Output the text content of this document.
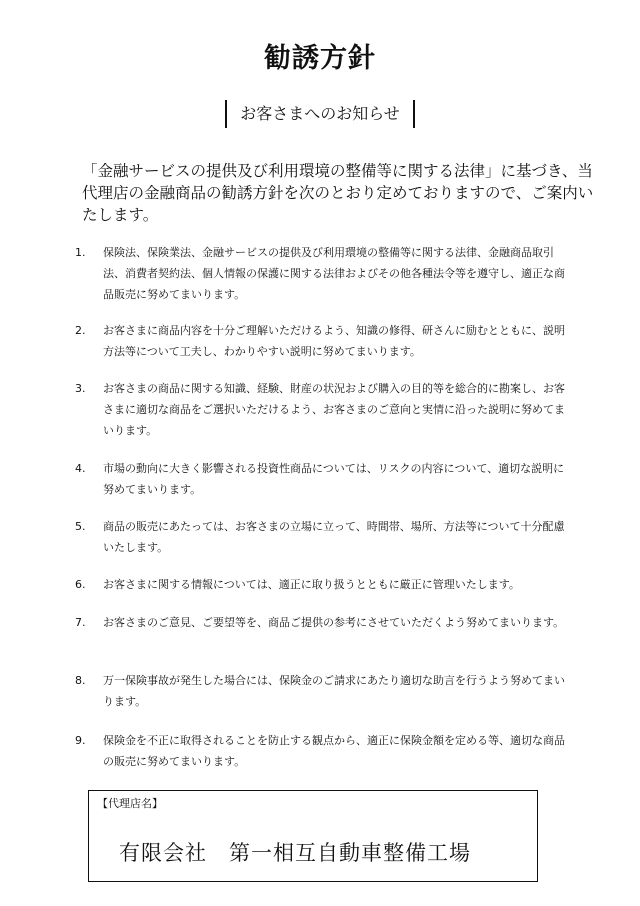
勧誘方針
お客さまへのお知らせ
「金融サービスの提供及び利用環境の整備等に関する法律」に基づき、当代理店の金融商品の勧誘方針を次のとおり定めておりますので、ご案内いたします。
1.	保険法、保険業法、金融サービスの提供及び利用環境の整備等に関する法律、金融商品取引法、消費者契約法、個人情報の保護に関する法律およびその他各種法令等を遵守し、適正な商品販売に努めてまいります。
2.	お客さまに商品内容を十分ご理解いただけるよう、知識の修得、研さんに励むとともに、説明方法等について工夫し、わかりやすい説明に努めてまいります。
3.	お客さまの商品に関する知識、経験、財産の状況および購入の目的等を総合的に勘案し、お客さまに適切な商品をご選択いただけるよう、お客さまのご意向と実情に沿った説明に努めてまいります。
4.	市場の動向に大きく影響される投資性商品については、リスクの内容について、適切な説明に努めてまいります。
5.	商品の販売にあたっては、お客さまの立場に立って、時間帯、場所、方法等について十分配慮いたします。
6.	お客さまに関する情報については、適正に取り扱うとともに厳正に管理いたします。
7.	お客さまのご意見、ご要望等を、商品ご提供の参考にさせていただくよう努めてまいります。
8.	万一保険事故が発生した場合には、保険金のご請求にあたり適切な助言を行うよう努めてまいります。
9.	保険金を不正に取得されることを防止する観点から、適正に保険金額を定める等、適切な商品の販売に努めてまいります。
【代理店名】
有限会社　第一相互自動車整備工場
